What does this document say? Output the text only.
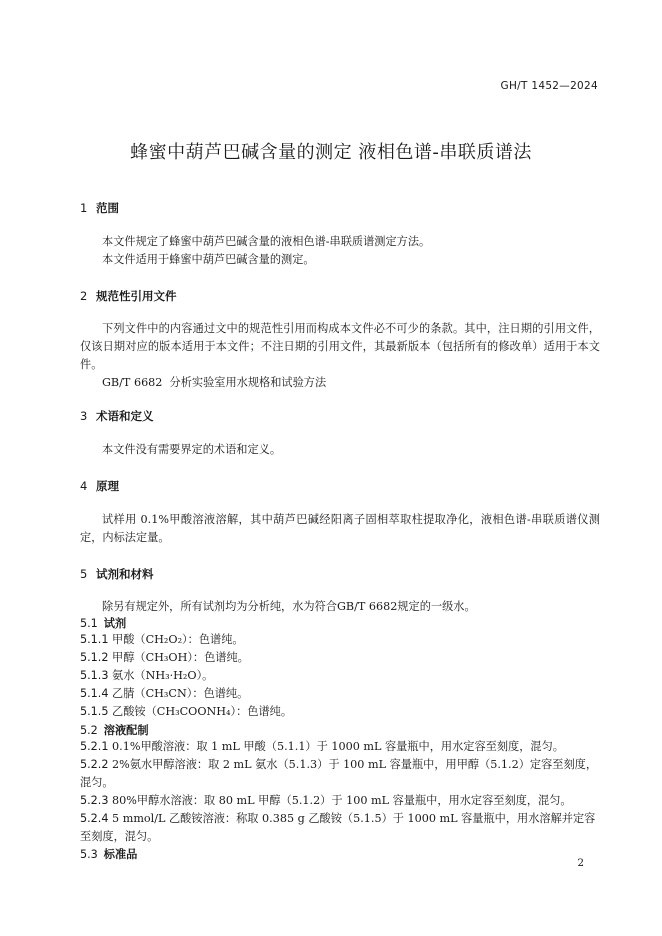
GH/T 1452—2024
蜂蜜中葫芦巴碱含量的测定 液相色谱-串联质谱法
1 范围
本文件规定了蜂蜜中葫芦巴碱含量的液相色谱-串联质谱测定方法。
本文件适用于蜂蜜中葫芦巴碱含量的测定。
2 规范性引用文件
下列文件中的内容通过文中的规范性引用而构成本文件必不可少的条款。其中，注日期的引用文件，仅该日期对应的版本适用于本文件；不注日期的引用文件，其最新版本（包括所有的修改单）适用于本文件。
GB/T 6682 分析实验室用水规格和试验方法
3 术语和定义
本文件没有需要界定的术语和定义。
4 原理
试样用 0.1%甲酸溶液溶解，其中葫芦巴碱经阳离子固相萃取柱提取净化，液相色谱-串联质谱仪测定，内标法定量。
5 试剂和材料
除另有规定外，所有试剂均为分析纯，水为符合GB/T 6682规定的一级水。
5.1 试剂
5.1.1 甲酸（CH₂O₂）：色谱纯。
5.1.2 甲醇（CH₃OH）：色谱纯。
5.1.3 氨水（NH₃·H₂O）。
5.1.4 乙腈（CH₃CN）：色谱纯。
5.1.5 乙酸铵（CH₃COONH₄）：色谱纯。
5.2 溶液配制
5.2.1 0.1%甲酸溶液：取 1 mL 甲酸（5.1.1）于 1000 mL 容量瓶中，用水定容至刻度，混匀。
5.2.2 2%氨水甲醇溶液：取 2 mL 氨水（5.1.3）于 100 mL 容量瓶中，用甲醇（5.1.2）定容至刻度，混匀。
5.2.3 80%甲醇水溶液：取 80 mL 甲醇（5.1.2）于 100 mL 容量瓶中，用水定容至刻度，混匀。
5.2.4 5 mmol/L 乙酸铵溶液：称取 0.385 g 乙酸铵（5.1.5）于 1000 mL 容量瓶中，用水溶解并定容至刻度，混匀。
5.3 标准品
2
